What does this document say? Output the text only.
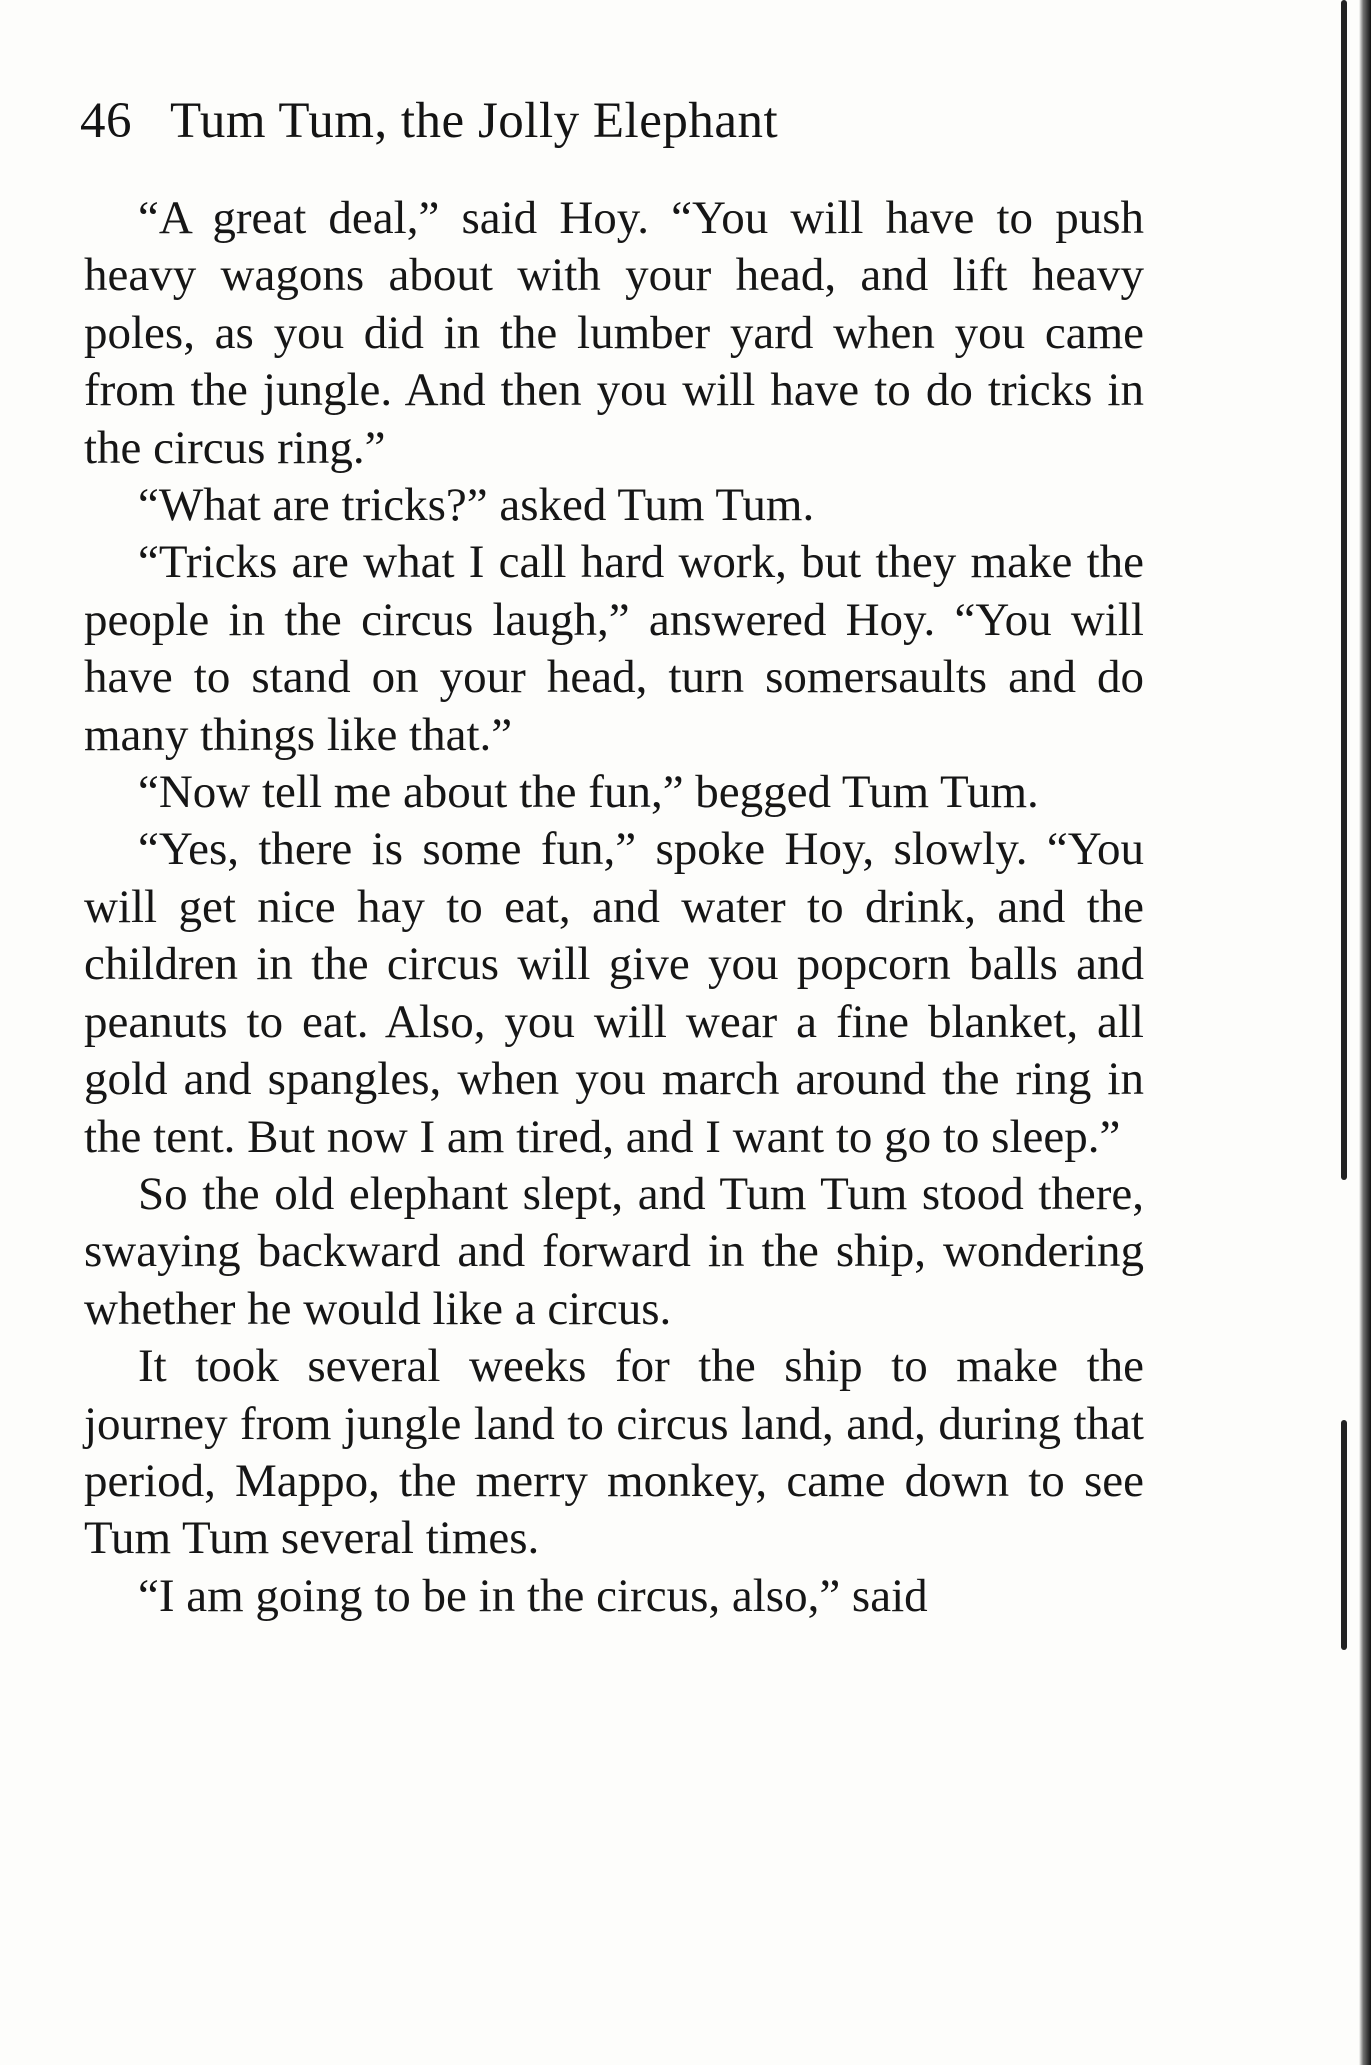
46 Tum Tum, the Jolly Elephant

“A great deal,” said Hoy. “You will have to push heavy wagons about with your head, and lift heavy poles, as you did in the lumber yard when you came from the jungle. And then you will have to do tricks in the circus ring.”

“What are tricks?” asked Tum Tum.

“Tricks are what I call hard work, but they make the people in the circus laugh,” answered Hoy. “You will have to stand on your head, turn somersaults and do many things like that.”

“Now tell me about the fun,” begged Tum Tum.

“Yes, there is some fun,” spoke Hoy, slowly. “You will get nice hay to eat, and water to drink, and the children in the circus will give you popcorn balls and peanuts to eat. Also, you will wear a fine blanket, all gold and spangles, when you march around the ring in the tent. But now I am tired, and I want to go to sleep.”

So the old elephant slept, and Tum Tum stood there, swaying backward and forward in the ship, wondering whether he would like a circus.

It took several weeks for the ship to make the journey from jungle land to circus land, and, during that period, Mappo, the merry monkey, came down to see Tum Tum several times.

“I am going to be in the circus, also,” said
